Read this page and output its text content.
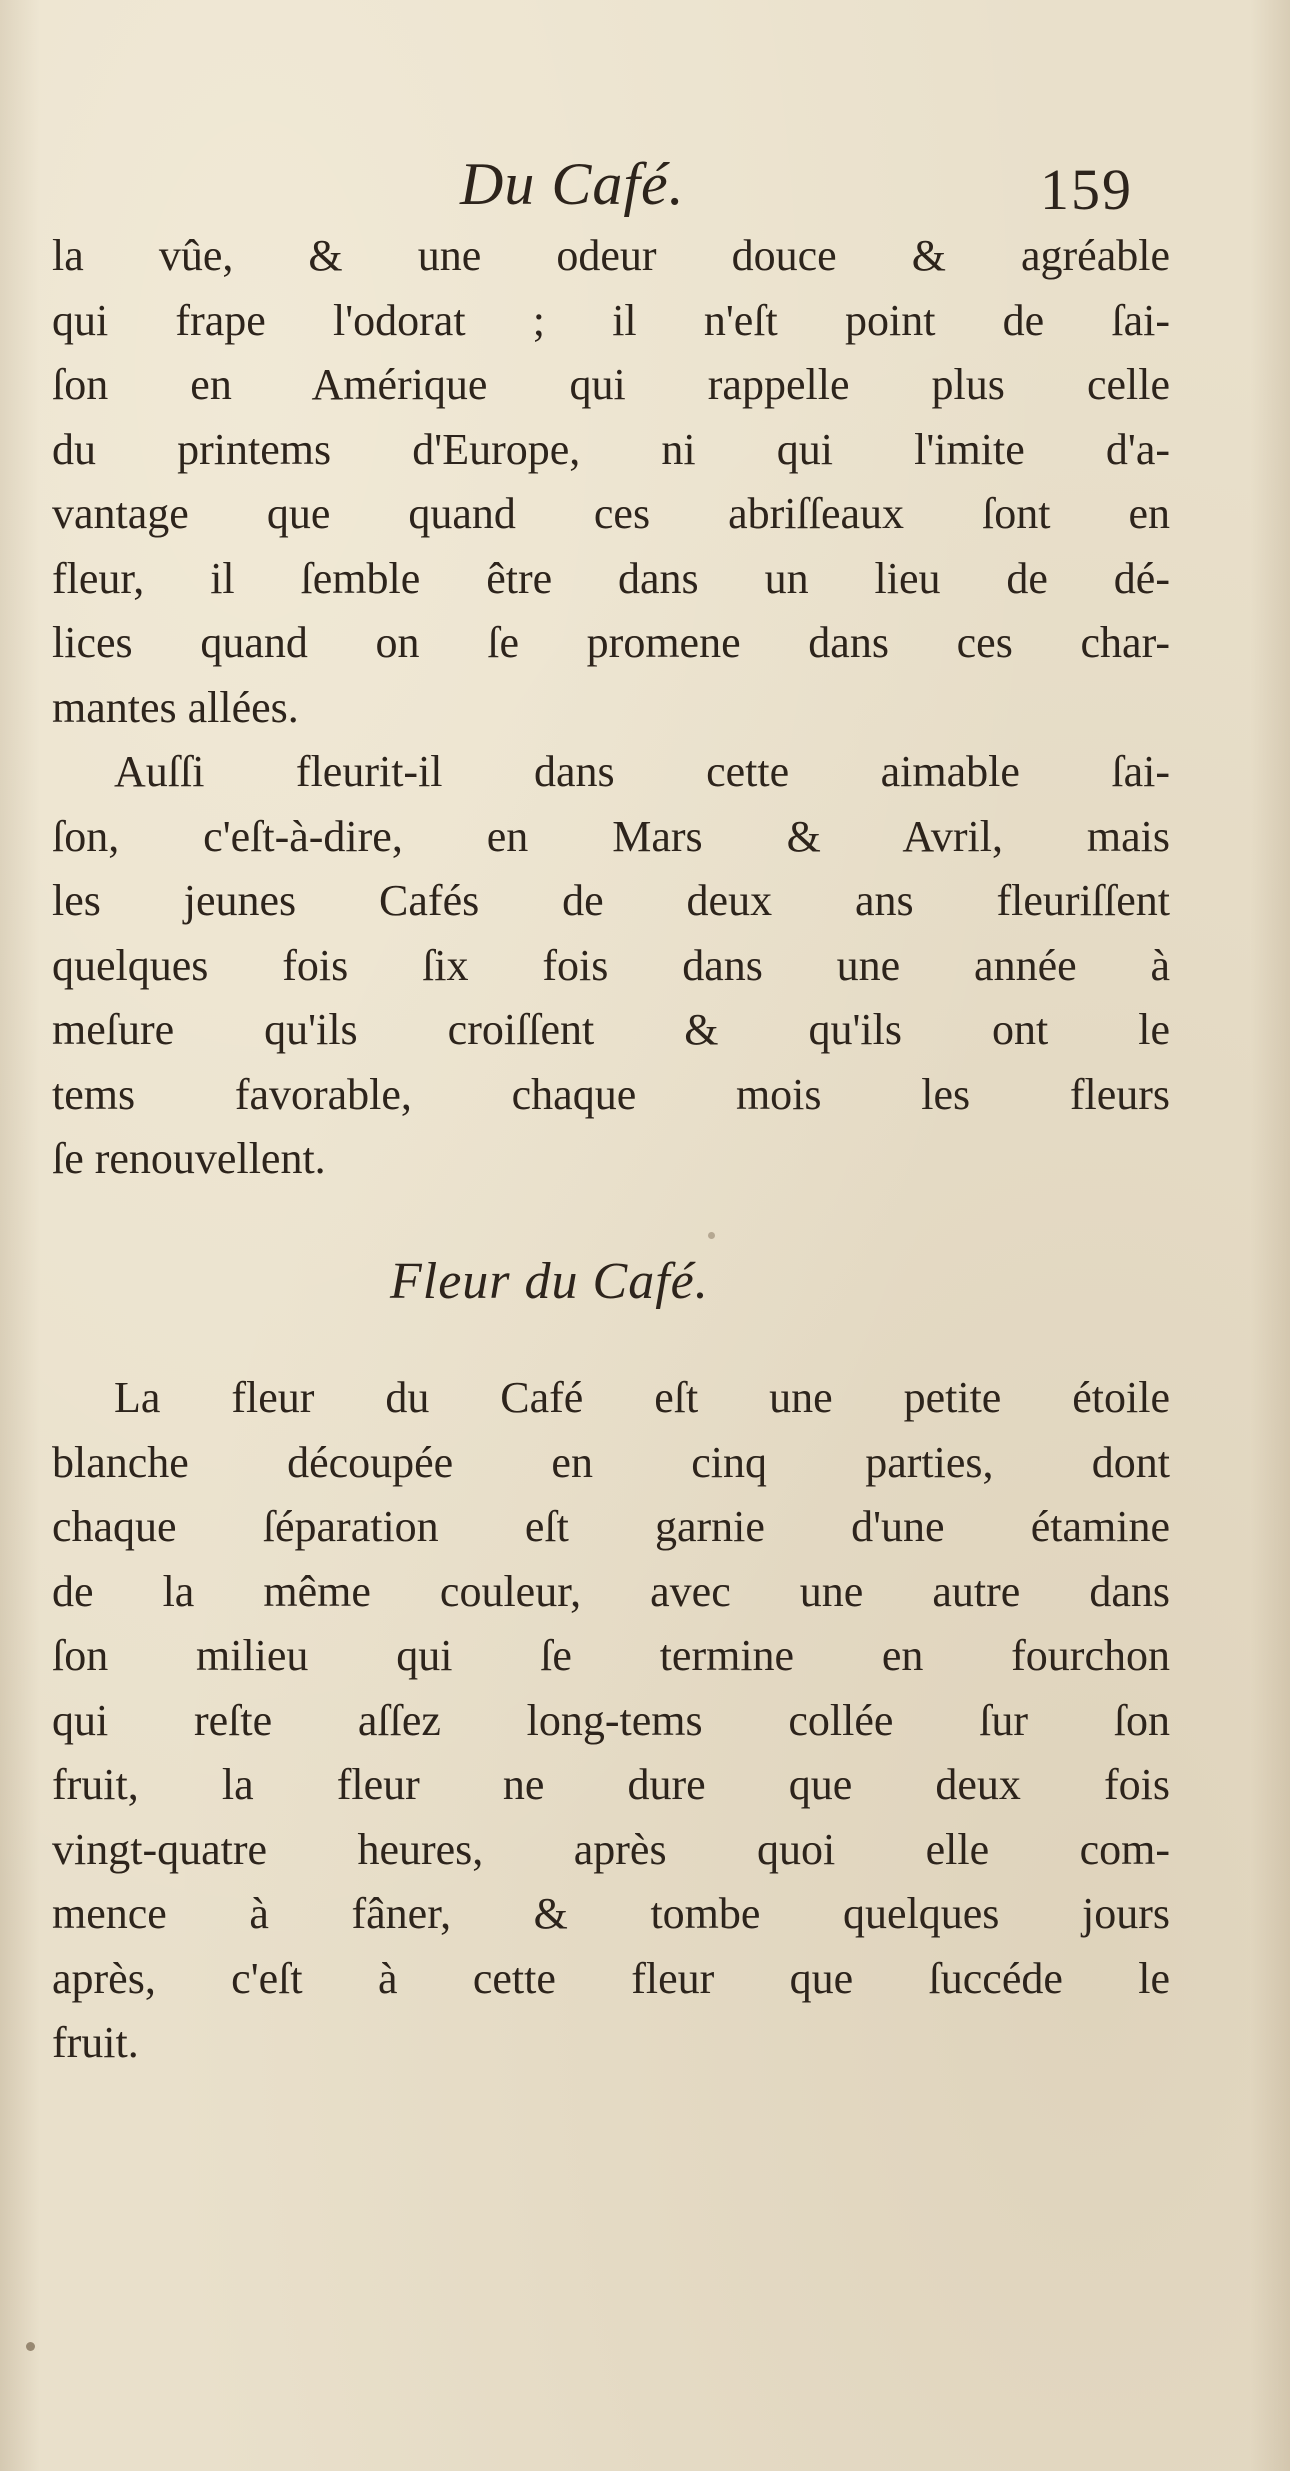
Du Café.	159
la vûe, & une odeur douce & agréable
qui frape l'odorat ; il n'eſt point de ſai-
ſon en Amérique qui rappelle plus celle
du printems d'Europe, ni qui l'imite d'a-
vantage que quand ces abriſſeaux ſont en
fleur, il ſemble être dans un lieu de dé-
lices quand on ſe promene dans ces char-
mantes allées.
Auſſi fleurit-il dans cette aimable ſai-
ſon, c'eſt-à-dire, en Mars & Avril, mais
les jeunes Cafés de deux ans fleuriſſent
quelques fois ſix fois dans une année à
meſure qu'ils croiſſent & qu'ils ont le
tems favorable, chaque mois les fleurs
ſe renouvellent.
Fleur du Café.
La fleur du Café eſt une petite étoile
blanche découpée en cinq parties, dont
chaque ſéparation eſt garnie d'une étamine
de la même couleur, avec une autre dans
ſon milieu qui ſe termine en fourchon
qui reſte aſſez long-tems collée ſur ſon
fruit, la fleur ne dure que deux fois
vingt-quatre heures, après quoi elle com-
mence à fâner, & tombe quelques jours
après, c'eſt à cette fleur que ſuccéde le
fruit.
